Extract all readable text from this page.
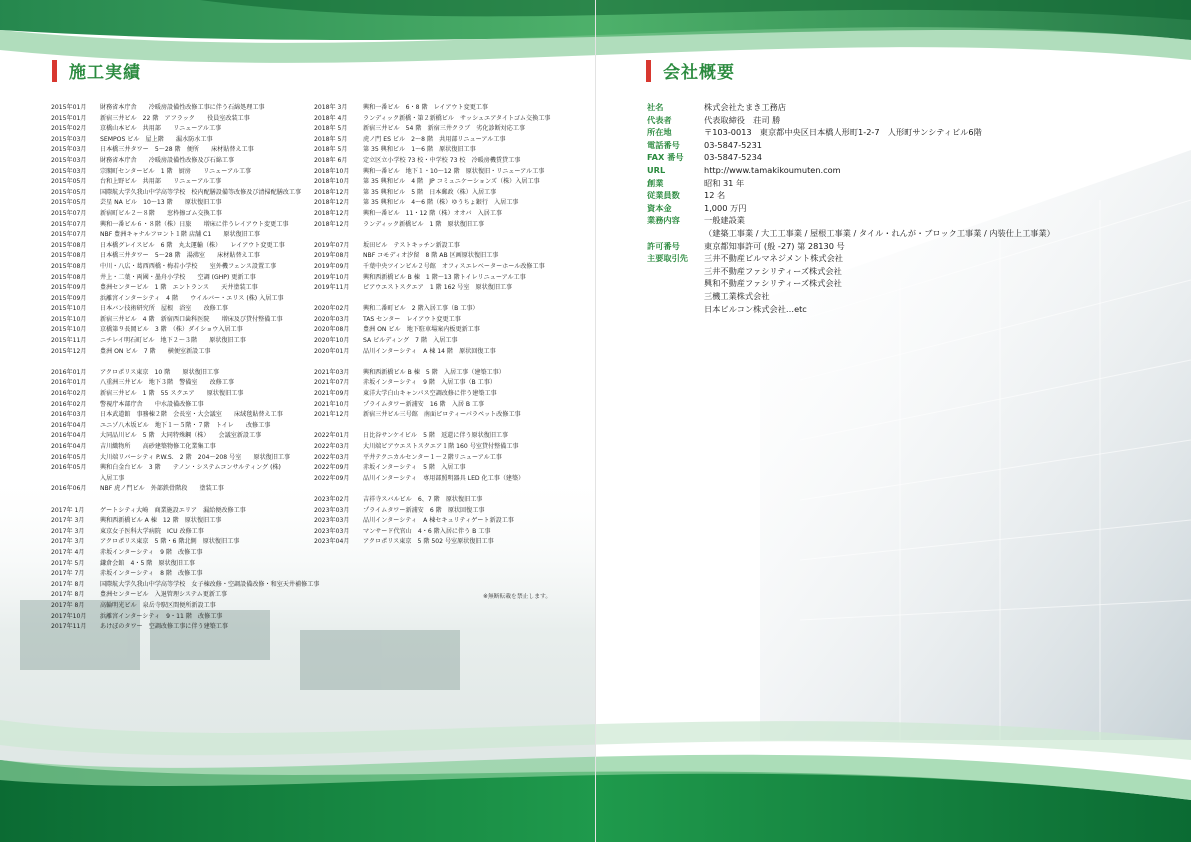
施工実績
2015年01月	財務省本庁舎　　冷暖房設備性改修工事に伴う石綿処理工事
2015年01月	新宿三井ビル　22 階　アフラック　　役員室改装工事
2015年02月	京橋山本ビル　共用部　　リニューアル工事
2015年03月	SEMPOS ビル　屋上階　　漏水防水工事
2015年03月	日本橋三井タワー　5～28 階　便所　　床材貼替え工事
2015年03月	財務省本庁舎　　冷暖房設備性改修及び石綿工事
2015年03月	宗閣町センタービル　1 階　厨房　　リニューアル工事
2015年05月	台和上野ビル　共用部　　リニューアル工事
2015年05月	国際航大学久我山中学高等学校　校内配膳設備等改修及び清掃配膳改工事
2015年05月	芸星 NA ビル　10～13 階　　原状復旧工事
2015年07月	新宿町ビル２～８階　　窓枠擦ゴム交換工事
2015年07月	興和一番ビル６・８階（株）日旅　　増床に伴うレイアウト変更工事
2015年07月	NBF 豊洲キャナルフロント１階 店舗 C1　　原状復旧工事
2015年08月	日本橋グレイスビル　6 階　丸太運輸（株）　　レイアウト変更工事
2015年08月	日本橋三井タワー　5～28 階　湯沸室　　床材貼替え工事
2015年08月	中川・八広・葛西西橋・梅若小学校　　室外機フェンス設置工事
2015年08月	井上・二葉・両國・墨舟小学校　　空調 (GHP) 更新工事
2015年09月	豊洲センタービル　1 階　エントランス　　天井塗装工事
2015年09月	浜離宮インターシティ　4 階　　ウイルバー・エリス (株) 入居工事
2015年10月	日本バン技術研究所　屋根　浴室　　改修工事
2015年10月	新宿三井ビル　4 階　新宿西口歯科医院　　増床及び貸付整備工事
2015年10月	京橋第９長岡ビル　3 階　（株）ダイショウ入居工事
2015年11月	ニチレイ明石町ビル　地下２～３階　　原状復旧工事
2015年12月	豊洲 ON ビル　7 階　　横便室新設工事
2016年01月	アクロポリス東京　10 階　　原状復旧工事
2016年01月	八重洲三井ビル　地下３階　警備室　　改修工事
2016年02月	新宿三井ビル　1 階　55 スクエア　　原状復旧工事
2016年02月	警視庁本部庁舎　　中水設備改修工事
2016年03月	日本武道館　事務棟２階　会長室・大会議室　　床絨毯貼替え工事
2016年04月	ユニゾ八木坂ビル　地下１～５階・７階　トイレ　　改修工事
2016年04月	大同品川ビル　5 階　大同特殊鋼（株）　　会議室新設工事
2016年04月	吉川織物所　　高砂建築物修工化業集工事
2016年05月	大川端リバーシティ P.W.S.　2 階　204～208 号室　　原状復旧工事
2016年05月	興和白金台ビル　3 階　　テノン・システムコンサルティング (株)
入居工事
2016年06月	NBF 虎ノ門ビル　外部鉄骨階段　　塗装工事
2017年 1月	ゲートシティ大崎　商業施設エリア　漏給便改修工事
2017年 3月	興和西新橋ビル A 棟　12 階　原状復旧工事
2017年 3月	東京女子医科大学病院　ICU 改修工事
2017年 3月	アクロポリス東京　5 階・6 階北側　原状復旧工事
2017年 4月	赤坂インターシティ　9 階　改修工事
2017年 5月	鎌倉会館　4・5 階　原状復旧工事
2017年 7月	赤坂インターシティ　8 階　改修工事
2017年 8月	国際航大学久我山中学高等学校　女子棟改修・空調設備改修・和室天井補修工事
2017年 8月	豊洲センタービル　入退管理システム更新工事
2017年 8月	高輪明光ビル　泉岳寺駅区間便所新設工事
2017年10月	浜離宮インターシティ　9・11 階　改修工事
2017年11月	あけぼのタワー　空調改修工事に伴う建築工事
2018年 3月	興和一番ビル　6・8 階　レイアウト変更工事
2018年 4月	ランディック新橋・第２新橋ビル　サッシュエアタイトゴム交換工事
2018年 5月	新宿三井ビル　54 階　新宿三井クラブ　劣化診断対応工事
2018年 5月	虎ノ門 ES ビル　2～8 階　共用部リニューアル工事
2018年 5月	第 35 興和ビル　1～6 階　原状復旧工事
2018年 6月	定立区立小学校 73 校・中学校 73 校　冷暖房機賃貸工事
2018年10月	興和一番ビル　地下１・10～12 階　原状復旧・リニューアル工事
2018年10月	第 35 興和ビル　4 階　JP コミュニケーションズ（株）入居工事
2018年12月	第 35 興和ビル　5 階　日本郵政（株）入居工事
2018年12月	第 35 興和ビル　4～6 階（株）ゆうちょ銀行　入居工事
2018年12月	興和一番ビル　11・12 階（株）オオバ　入居工事
2018年12月	ランディック新橋ビル　1 階　原状復旧工事
2019年07月	坂田ビル　テストキッチン新設工事
2019年08月	NBF コモディオ汐留　8 階 AB 区画原状復旧工事
2019年09月	千葉中央ツインビル２号館　オフィスエレベーターホール改修工事
2019年10月	興和西新橋ビル B 棟　1 階～13 階トイレリニューアル工事
2019年11月	ピアウエストスクエア　1 階 162 号室　原状復旧工事
2020年02月	興和二番町ビル　2 階入居工事（B 工事）
2020年03月	TAS センター　レイアウト変更工事
2020年08月	豊洲 ON ビル　地下駐車場案内板更新工事
2020年10月	SA ビルディング　7 階　入居工事
2020年01月	品川インターシティ　A 棟 14 階　原状回復工事
2021年03月	興和西新橋ビル B 棟　5 階　入居工事（建築工事）
2021年07月	赤坂インターシティ　9 階　入居工事（B 工事）
2021年09月	東洋大学白山キャンパス空調改修に伴う建築工事
2021年10月	プライムタワー新浦安　16 階　入居 B 工事
2021年12月	新宿三井ビル三号館　南面ピロティーパラペット改修工事
2022年01月	日比谷サンケイビル　5 階　返還に伴う原状復旧工事
2022年03月	大川端ビアウエストスクエア１階 160 号室貸付整備工事
2022年03月	平井テクニカルセンター１～２階リニューアル工事
2022年09月	赤坂インターシティ　5 階　入居工事
2022年09月	品川インターシティ　専用部照明器具 LED 化工事（建築）
2023年02月	吉祥寺スバルビル　6、7 階　原状復旧工事
2023年03月	プライムタワー新浦安　6 階　原状回復工事
2023年03月	品川インターシティ　A 棟セキュリティゲート新設工事
2023年03月	マンサード代官山　4・6 階入居に伴う B 工事
2023年04月	アクロポリス東京　5 階 502 号室原状復旧工事
※無断転載を禁止します。
会社概要
社名	株式会社たまき工務店
代表者	代表取締役　荘司 勝
所在地	〒103-0013　東京都中央区日本橋人形町1-2-7　人形町サンシティビル6階
電話番号	03-5847-5231
FAX 番号	03-5847-5234
URL	http://www.tamakikoumuten.com
創業	昭和 31 年
従業員数	12 名
資本金	1,000 万円
業務内容	一般建設業
（建築工事業 / 大工工事業 / 屋根工事業 / タイル・れんが・ブロック工事業 / 内装仕上工事業）
許可番号	東京都知事許可 (般 -27) 第 28130 号
主要取引先	三井不動産ビルマネジメント株式会社
三井不動産ファシリティーズ株式会社
興和不動産ファシリティーズ株式会社
三機工業株式会社
日本ビルコン株式会社…etc
